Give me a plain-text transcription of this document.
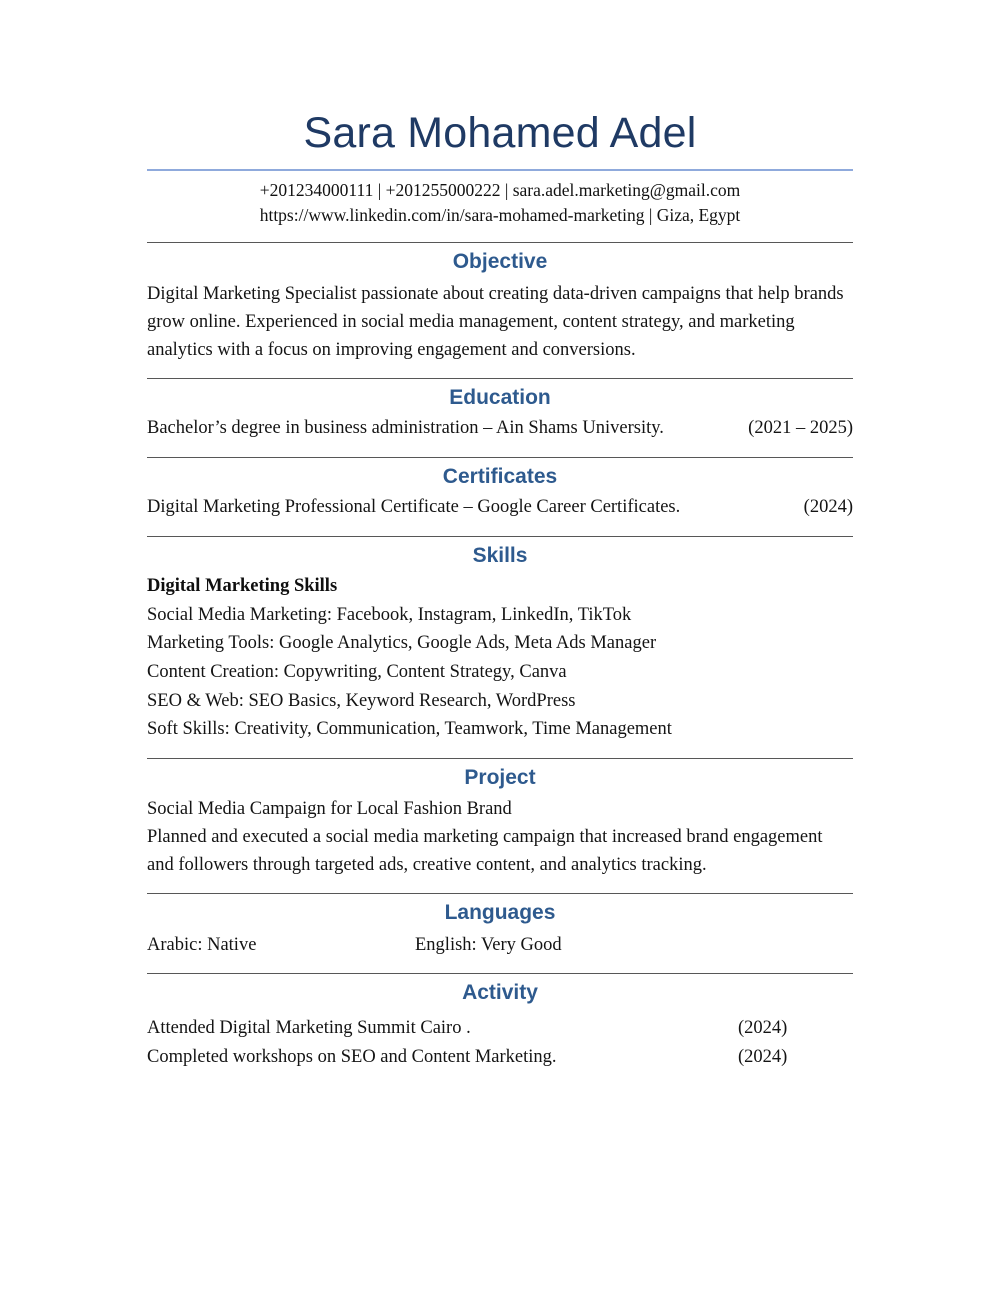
Sara Mohamed Adel
+201234000111 | +201255000222 | sara.adel.marketing@gmail.com
https://www.linkedin.com/in/sara-mohamed-marketing | Giza, Egypt
Objective

Digital Marketing Specialist passionate about creating data-driven campaigns that help brands grow online. Experienced in social media management, content strategy, and marketing analytics with a focus on improving engagement and conversions.

Education
Bachelor’s degree in business administration – Ain Shams University.	(2021 – 2025)
Certificates
Digital Marketing Professional Certificate – Google Career Certificates.	(2024)
Skills
Digital Marketing Skills
Social Media Marketing: Facebook, Instagram, LinkedIn, TikTok
Marketing Tools: Google Analytics, Google Ads, Meta Ads Manager
Content Creation: Copywriting, Content Strategy, Canva
SEO & Web: SEO Basics, Keyword Research, WordPress
Soft Skills: Creativity, Communication, Teamwork, Time Management
Project

Social Media Campaign for Local Fashion Brand

Planned and executed a social media marketing campaign that increased brand engagement and followers through targeted ads, creative content, and analytics tracking.

Languages
Arabic: Native	English: Very Good
Activity
Attended Digital Marketing Summit Cairo .	(2024)
Completed workshops on SEO and Content Marketing.	(2024)
